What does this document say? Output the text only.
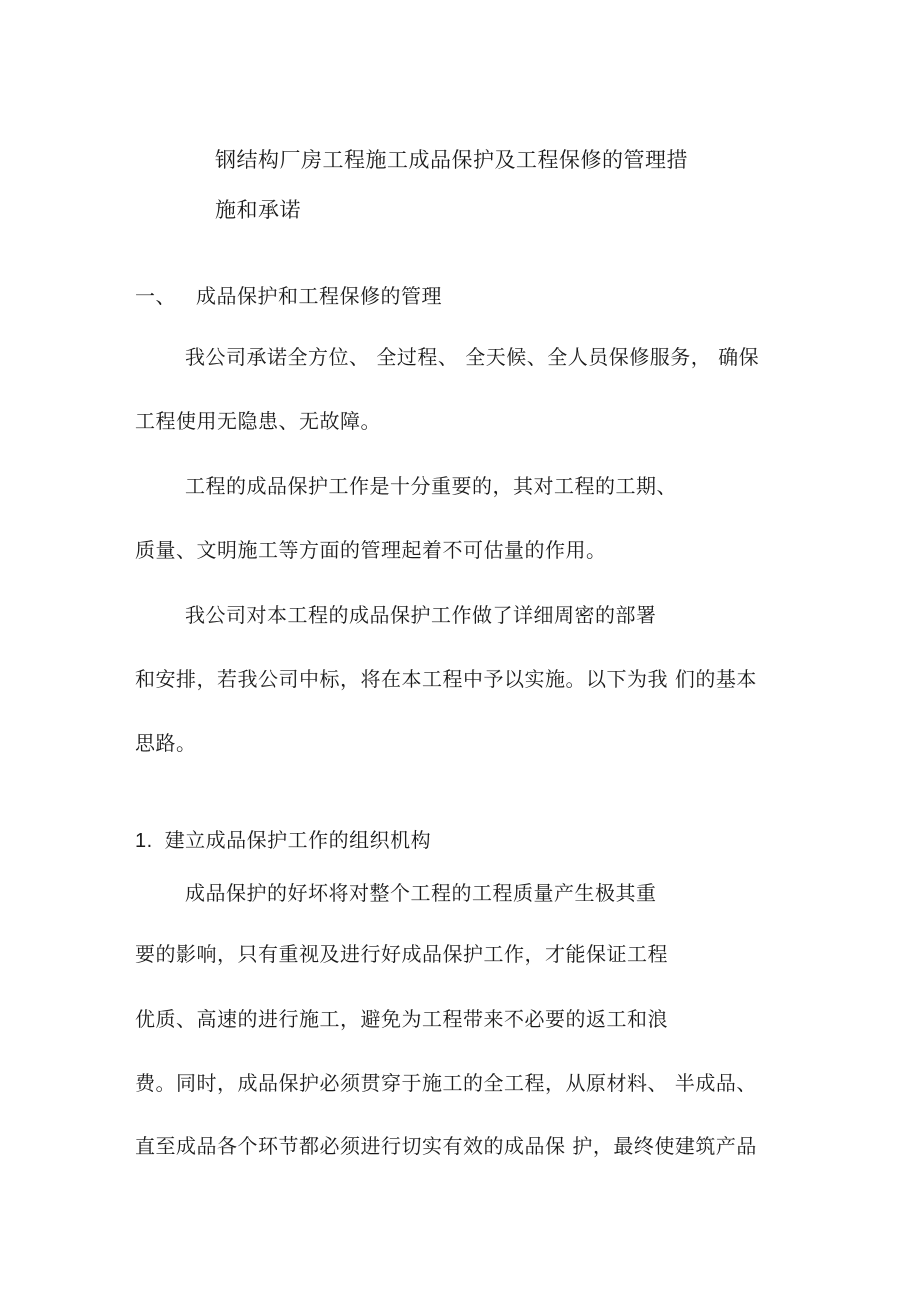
钢结构厂房工程施工成品保护及工程保修的管理措
施和承诺
一、 成品保护和工程保修的管理
我公司承诺全方位、 全过程、 全天候、全人员保修服务， 确保
工程使用无隐患、无故障。
工程的成品保护工作是十分重要的，其对工程的工期、
质量、文明施工等方面的管理起着不可估量的作用。
我公司对本工程的成品保护工作做了详细周密的部署
和安排，若我公司中标，将在本工程中予以实施。以下为我 们的基本
思路。
1. 建立成品保护工作的组织机构
成品保护的好坏将对整个工程的工程质量产生极其重
要的影响，只有重视及进行好成品保护工作，才能保证工程
优质、高速的进行施工，避免为工程带来不必要的返工和浪
费。同时，成品保护必须贯穿于施工的全工程，从原材料、 半成品、
直至成品各个环节都必须进行切实有效的成品保 护，最终使建筑产品
